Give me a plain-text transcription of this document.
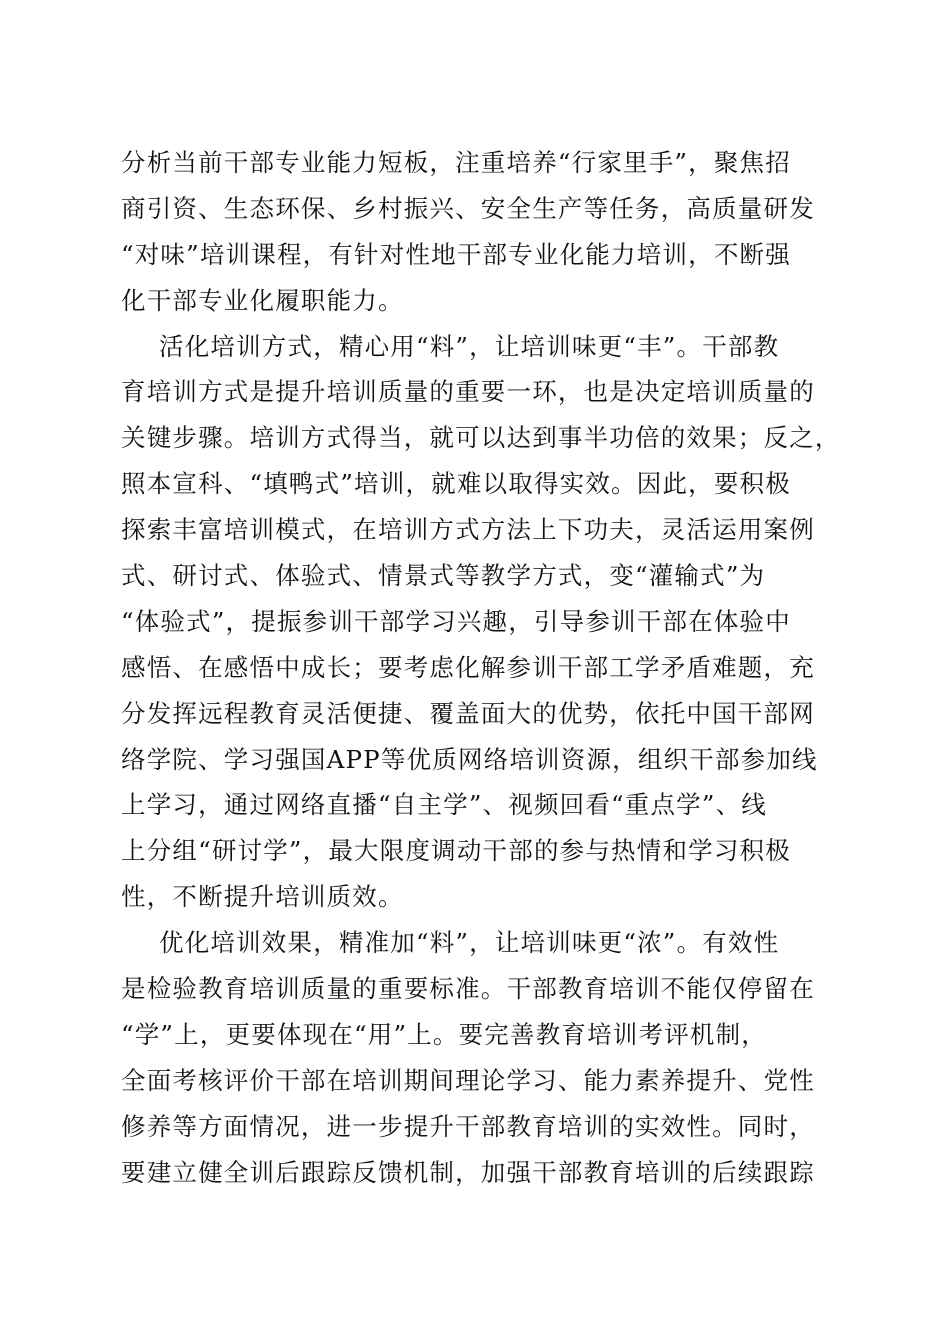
分析当前干部专业能力短板，注重培养“行家里手”，聚焦招
商引资、生态环保、乡村振兴、安全生产等任务，高质量研发
“对味”培训课程，有针对性地干部专业化能力培训，不断强
化干部专业化履职能力。
活化培训方式，精心用“料”，让培训味更“丰”。干部教
育培训方式是提升培训质量的重要一环，也是决定培训质量的
关键步骤。培训方式得当，就可以达到事半功倍的效果；反之，
照本宣科、“填鸭式”培训，就难以取得实效。因此，要积极
探索丰富培训模式，在培训方式方法上下功夫，灵活运用案例
式、研讨式、体验式、情景式等教学方式，变“灌输式”为
“体验式”，提振参训干部学习兴趣，引导参训干部在体验中
感悟、在感悟中成长；要考虑化解参训干部工学矛盾难题，充
分发挥远程教育灵活便捷、覆盖面大的优势，依托中国干部网
络学院、学习强国APP等优质网络培训资源，组织干部参加线
上学习，通过网络直播“自主学”、视频回看“重点学”、线
上分组“研讨学”，最大限度调动干部的参与热情和学习积极
性，不断提升培训质效。
优化培训效果，精准加“料”，让培训味更“浓”。有效性
是检验教育培训质量的重要标准。干部教育培训不能仅停留在
“学”上，更要体现在“用”上。要完善教育培训考评机制，
全面考核评价干部在培训期间理论学习、能力素养提升、党性
修养等方面情况，进一步提升干部教育培训的实效性。同时，
要建立健全训后跟踪反馈机制，加强干部教育培训的后续跟踪
